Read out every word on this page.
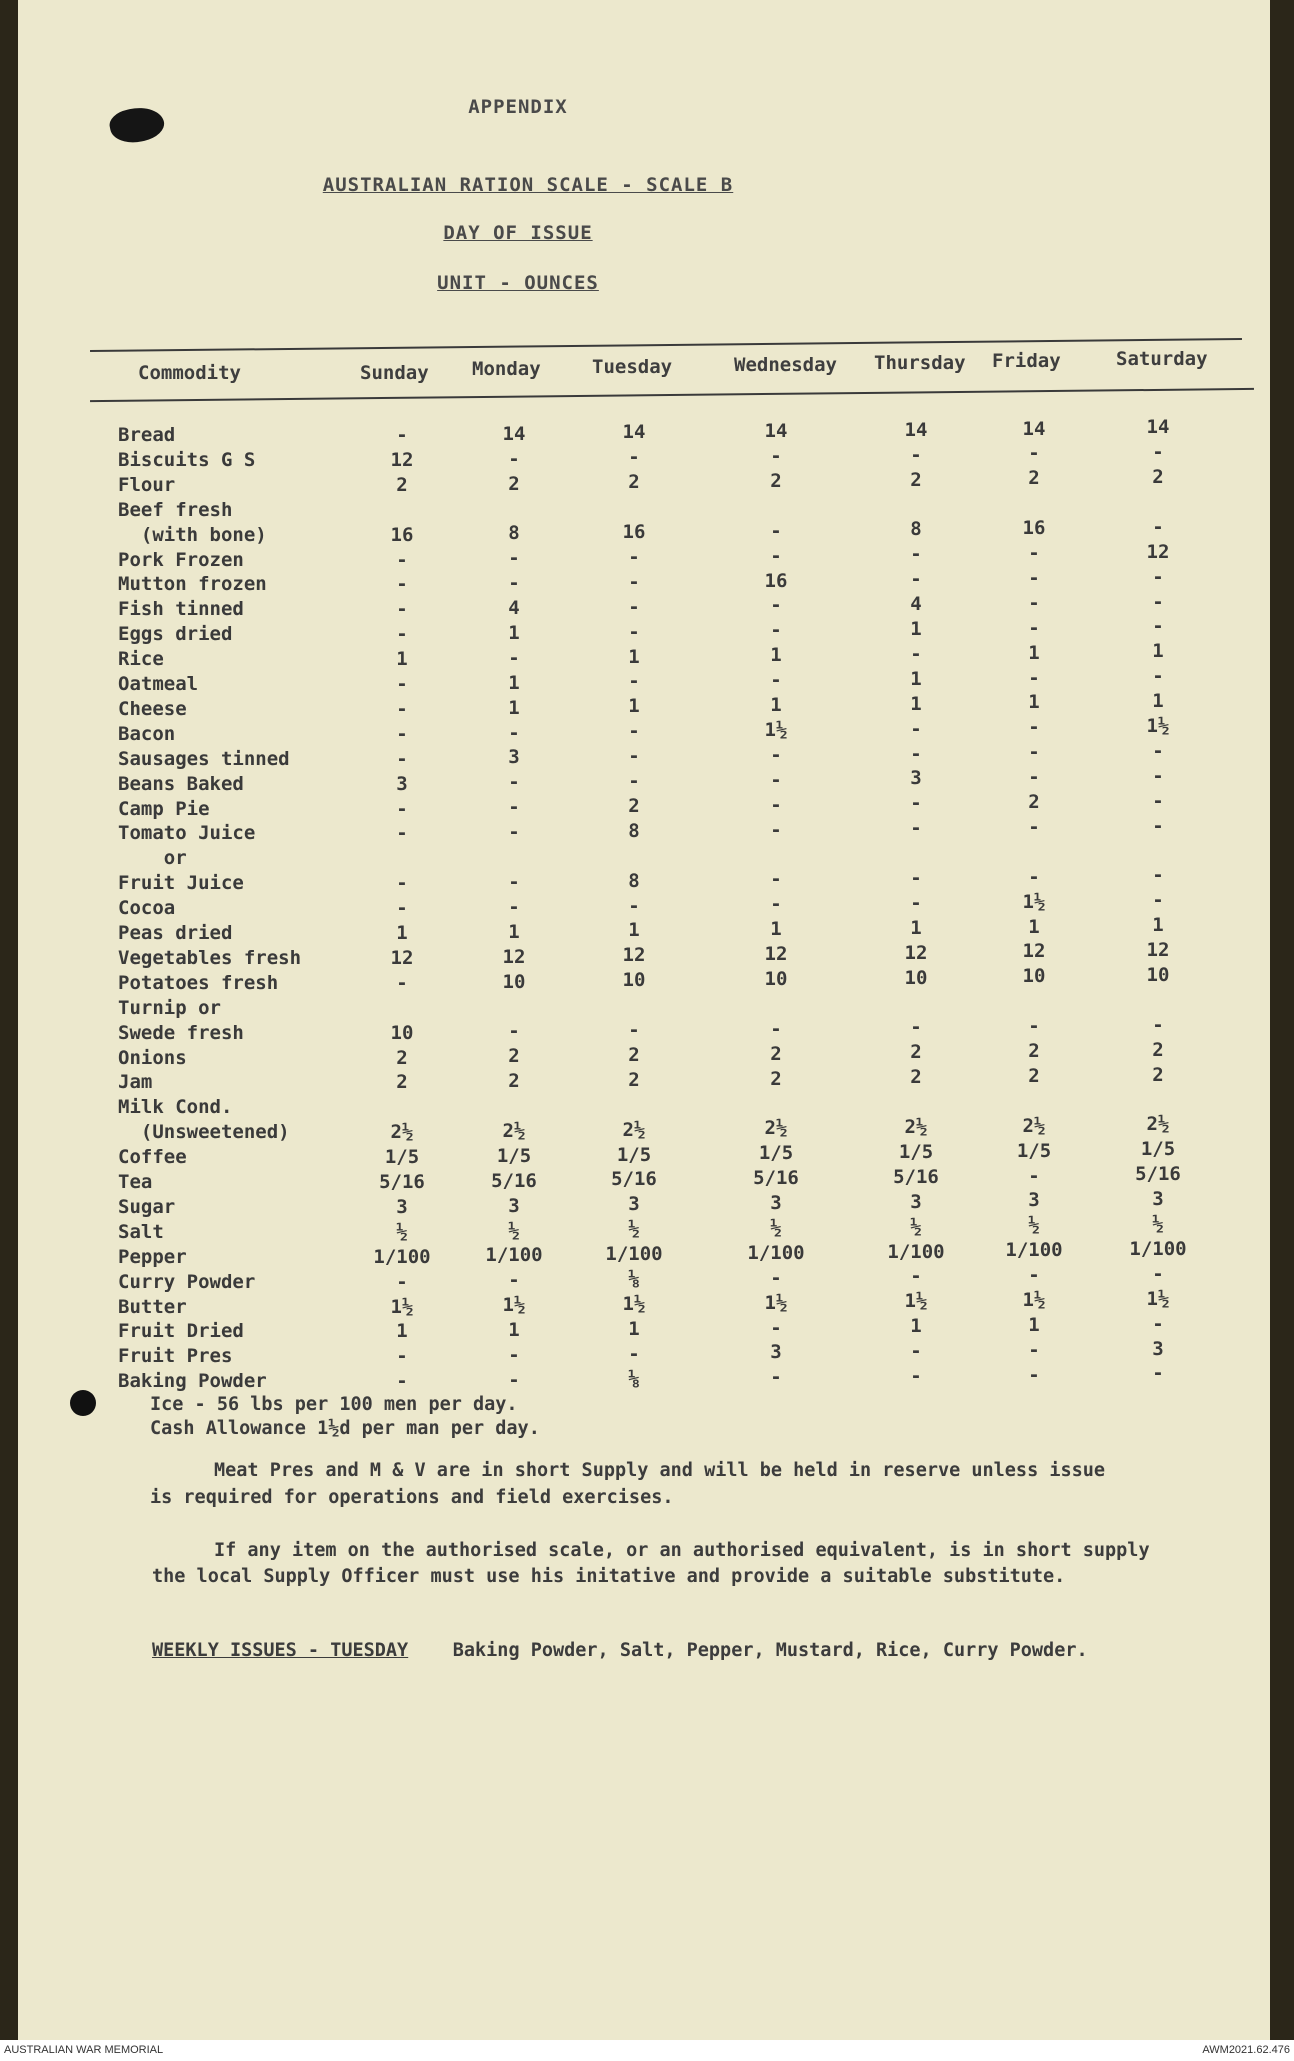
APPENDIX
AUSTRALIAN RATION SCALE - SCALE B
DAY OF ISSUE
UNIT - OUNCES
Commodity	Sunday Monday	Tuesday	Wednesday Thursday Friday	Saturday
Bread	-	14	14	14	14	14	14
Biscuits G S	12	-	-	-	-	-	-
Flour	2	2	2	2	2	2	2
Beef fresh
(with bone)	16	8	16	-	8	16	-
Pork Frozen	-	-	-	-	-	-	12
Mutton frozen	-	-	-	16	-	-	-
Fish tinned	-	4	-	-	4	-	-
Eggs dried	-	1	-	-	1	-	-
Rice	1	-	1	1	-	1	1
Oatmeal	-	1	-	-	1	-	-
Cheese	-	1	1	1	1	1	1
Bacon	-	-	-	1½	-	-	1½
Sausages tinned	-	3	-	-	-	-	-
Beans Baked	3	-	-	-	3	-	-
Camp Pie	-	-	2	-	-	2	-
Tomato Juice	-	-	8	-	-	-	-
or
Fruit Juice	-	-	8	-	-	-	-
Cocoa	-	-	-	-	-	1½	-
Peas dried	1	1	1	1	1	1	1
Vegetables fresh	12	12	12	12	12	12	12
Potatoes fresh	-	10	10	10	10	10	10
Turnip or
Swede fresh	10	-	-	-	-	-	-
Onions	2	2	2	2	2	2	2
Jam	2	2	2	2	2	2	2
Milk Cond.
(Unsweetened)	2½	2½	2½	2½	2½	2½	2½
Coffee	1/5	1/5	1/5	1/5	1/5	1/5	1/5
Tea	5/16	5/16	5/16	5/16	5/16	-	5/16
Sugar	3	3	3	3	3	3	3
Salt	½	½	½	½	½	½	½
Pepper	1/100	1/100	1/100	1/100	1/100	1/100	1/100
Curry Powder	-	-	⅛	-	-	-	-
Butter	1½	1½	1½	1½	1½	1½	1½
Fruit Dried	1	1	1	-	1	1	-
Fruit Pres	-	-	-	3	-	-	3
Baking Powder	-	-	⅛	-	-	-	-
Ice - 56 lbs per 100 men per day.
Cash Allowance 1½d per man per day.
Meat Pres and M & V are in short Supply and will be held in reserve unless issue
is required for operations and field exercises.
If any item on the authorised scale, or an authorised equivalent, is in short supply
the local Supply Officer must use his initative and provide a suitable substitute.
WEEKLY ISSUES - TUESDAY Baking Powder, Salt, Pepper, Mustard, Rice, Curry Powder.
AUSTRALIAN WAR MEMORIAL	AWM2021.62.476
